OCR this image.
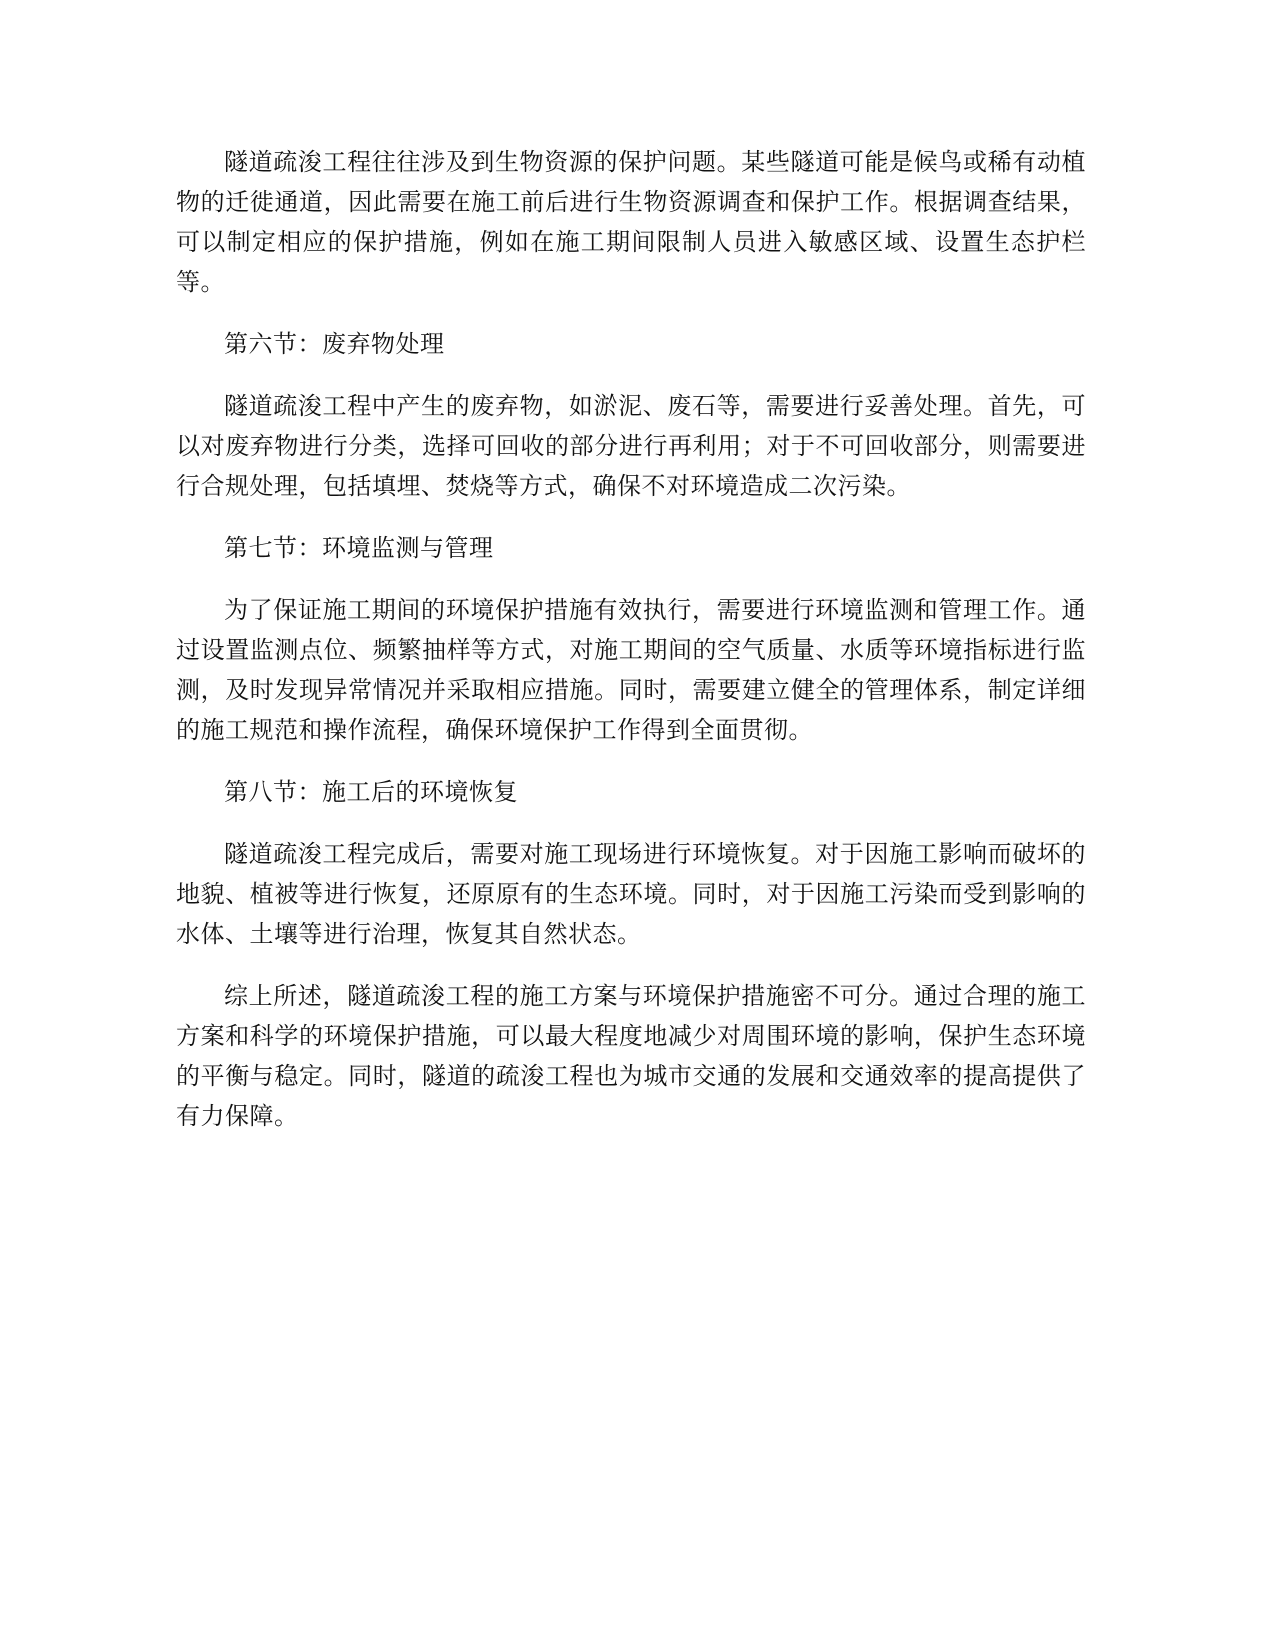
隧道疏浚工程往往涉及到生物资源的保护问题。某些隧道可能是候鸟或稀有动植物的迁徙通道，因此需要在施工前后进行生物资源调查和保护工作。根据调查结果，可以制定相应的保护措施，例如在施工期间限制人员进入敏感区域、设置生态护栏等。

第六节：废弃物处理

隧道疏浚工程中产生的废弃物，如淤泥、废石等，需要进行妥善处理。首先，可以对废弃物进行分类，选择可回收的部分进行再利用；对于不可回收部分，则需要进行合规处理，包括填埋、焚烧等方式，确保不对环境造成二次污染。

第七节：环境监测与管理

为了保证施工期间的环境保护措施有效执行，需要进行环境监测和管理工作。通过设置监测点位、频繁抽样等方式，对施工期间的空气质量、水质等环境指标进行监测，及时发现异常情况并采取相应措施。同时，需要建立健全的管理体系，制定详细的施工规范和操作流程，确保环境保护工作得到全面贯彻。

第八节：施工后的环境恢复

隧道疏浚工程完成后，需要对施工现场进行环境恢复。对于因施工影响而破坏的地貌、植被等进行恢复，还原原有的生态环境。同时，对于因施工污染而受到影响的水体、土壤等进行治理，恢复其自然状态。

综上所述，隧道疏浚工程的施工方案与环境保护措施密不可分。通过合理的施工方案和科学的环境保护措施，可以最大程度地减少对周围环境的影响，保护生态环境的平衡与稳定。同时，隧道的疏浚工程也为城市交通的发展和交通效率的提高提供了有力保障。
